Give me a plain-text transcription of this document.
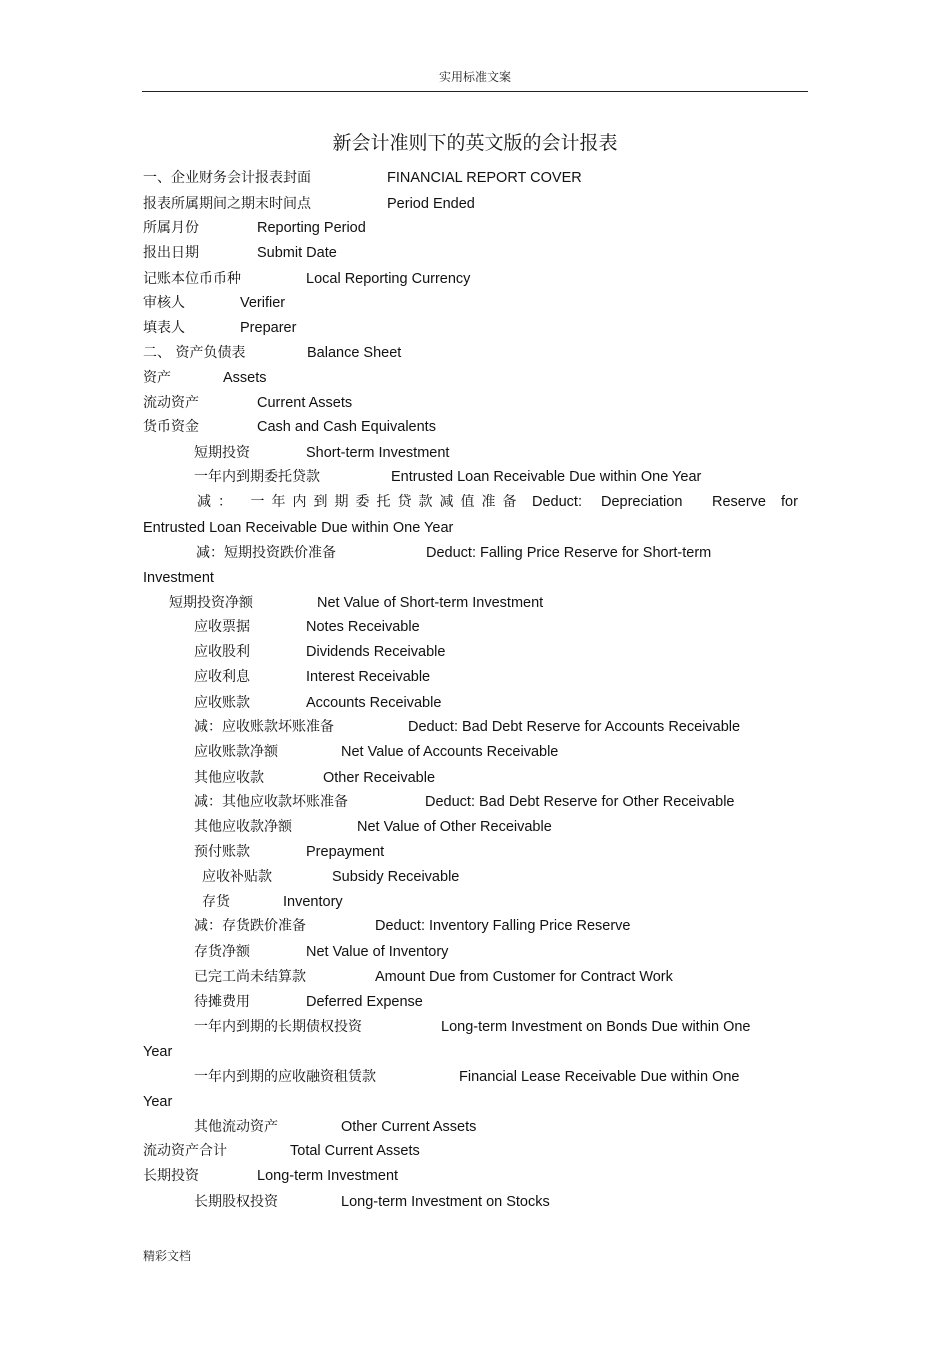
实用标准文案
新会计准则下的英文版的会计报表
一、企业财务会计报表封面	FINANCIAL REPORT COVER
报表所属期间之期末时间点	Period Ended
所属月份	Reporting Period
报出日期	Submit Date
记账本位币币种	Local Reporting Currency
审核人	Verifier
填表人	Preparer
二、 资产负债表	Balance Sheet
资产	Assets
流动资产	Current Assets
货币资金	Cash and Cash Equivalents
短期投资	Short-term Investment
一年内到期委托贷款	Entrusted Loan Receivable Due within One Year
减： 一年内到期委托贷款减值准备 Deduct: Depreciation Reserve for
Entrusted Loan Receivable Due within One Year
减：短期投资跌价准备	Deduct: Falling Price Reserve for Short-term
Investment
短期投资净额	Net Value of Short-term Investment
应收票据	Notes Receivable
应收股利	Dividends Receivable
应收利息	Interest Receivable
应收账款	Accounts Receivable
减：应收账款坏账准备	Deduct: Bad Debt Reserve for Accounts Receivable
应收账款净额	Net Value of Accounts Receivable
其他应收款	Other Receivable
减：其他应收款坏账准备	Deduct: Bad Debt Reserve for Other Receivable
其他应收款净额	Net Value of Other Receivable
预付账款	Prepayment
应收补贴款	Subsidy Receivable
存货	Inventory
减：存货跌价准备	Deduct: Inventory Falling Price Reserve
存货净额	Net Value of Inventory
已完工尚未结算款	Amount Due from Customer for Contract Work
待摊费用	Deferred Expense
一年内到期的长期债权投资	Long-term Investment on Bonds Due within One
Year
一年内到期的应收融资租赁款	Financial Lease Receivable Due within One
Year
其他流动资产	Other Current Assets
流动资产合计	Total Current Assets
长期投资	Long-term Investment
长期股权投资	Long-term Investment on Stocks
精彩文档
